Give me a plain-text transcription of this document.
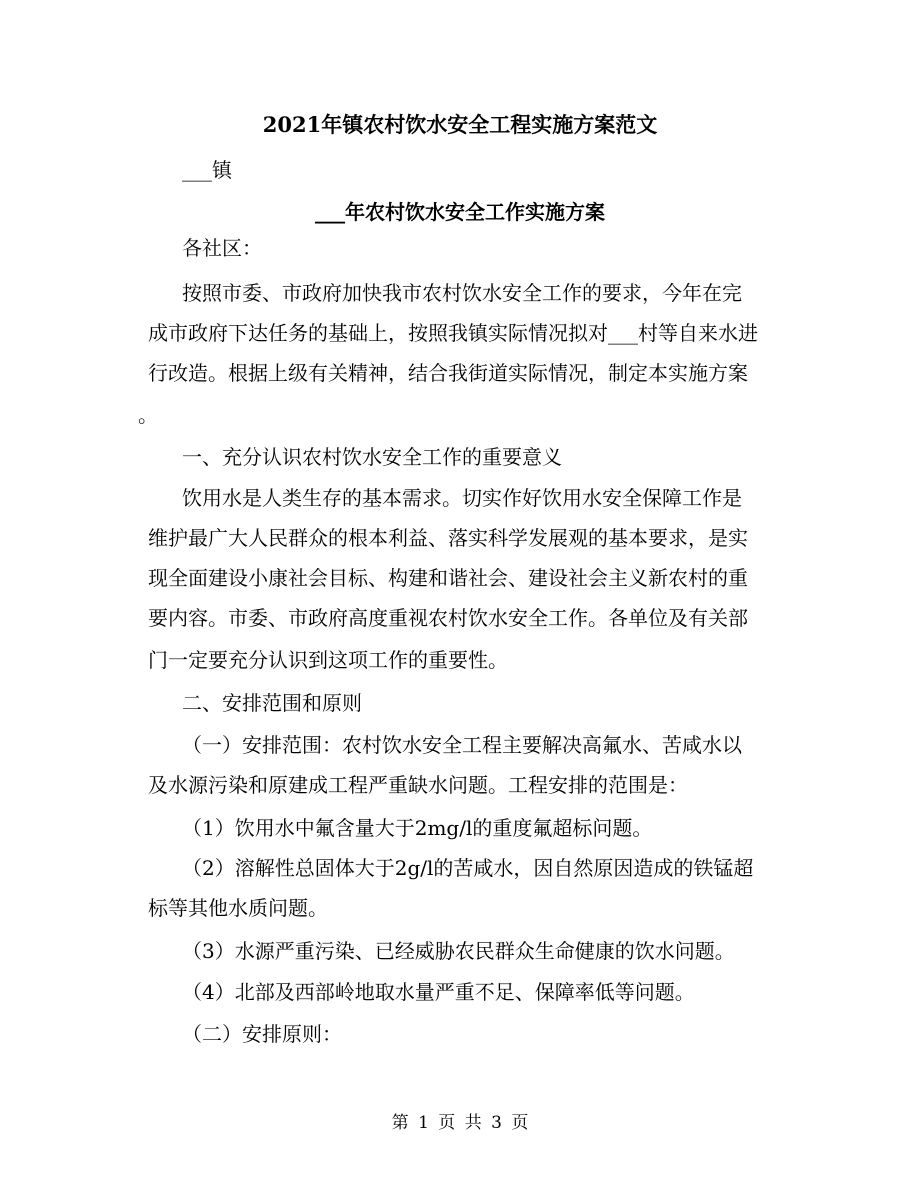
2021年镇农村饮水安全工程实施方案范文
___镇
___年农村饮水安全工作实施方案
各社区：
按照市委、市政府加快我市农村饮水安全工作的要求，今年在完
成市政府下达任务的基础上，按照我镇实际情况拟对___村等自来水进
行改造。根据上级有关精神，结合我街道实际情况，制定本实施方案
。
一、充分认识农村饮水安全工作的重要意义
饮用水是人类生存的基本需求。切实作好饮用水安全保障工作是
维护最广大人民群众的根本利益、落实科学发展观的基本要求，是实
现全面建设小康社会目标、构建和谐社会、建设社会主义新农村的重
要内容。市委、市政府高度重视农村饮水安全工作。各单位及有关部
门一定要充分认识到这项工作的重要性。
二、安排范围和原则
（一）安排范围：农村饮水安全工程主要解决高氟水、苦咸水以
及水源污染和原建成工程严重缺水问题。工程安排的范围是：
（1）饮用水中氟含量大于2mg/l的重度氟超标问题。
（2）溶解性总固体大于2g/l的苦咸水，因自然原因造成的铁锰超
标等其他水质问题。
（3）水源严重污染、已经威胁农民群众生命健康的饮水问题。
（4）北部及西部岭地取水量严重不足、保障率低等问题。
（二）安排原则：
第 1 页 共 3 页
